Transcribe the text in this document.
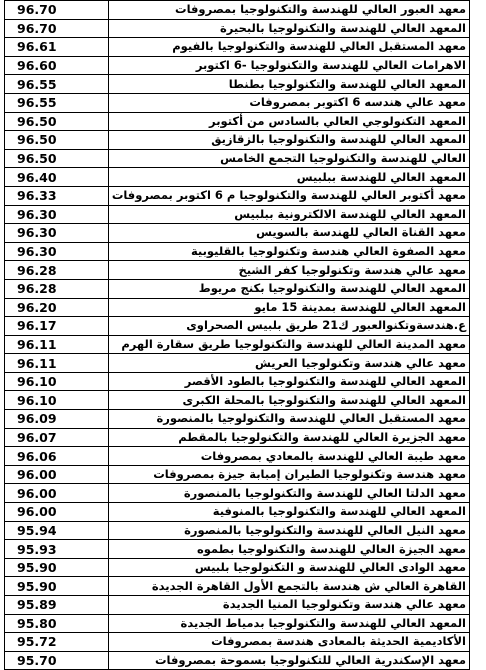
96.70	معهد العبور العالي للهندسة والتكنولوجيا بمصروفات
96.70	المعهد العالي للهندسة والتكنولوجيا بالبحيرة
96.61	معهد المستقبل العالي للهندسة والتكنولوجيا بالفيوم
96.60	الاهرامات العالي للهندسة والتكنولوجيا -6 اكتوبر
96.55	المعهد العالي للهندسة والتكنولوجيا بطنطا
96.55	معهد عالي هندسه 6 اكتوبر بمصروفات
96.50	المعهد التكنولوجي العالي بالسادس من أكتوبر
96.50	المعهد العالي للهندسة والتكنولوجيا بالزقازيق
96.50	العالي للهندسة والتكنولوجيا التجمع الخامس
96.40	المعهد العالي للهندسة ببلبيس
96.33	معهد أكتوبر العالي للهندسة والتكنولوجيا م 6 اكتوبر بمصروفات
96.30	المعهد العالي للهندسة الالكترونية ببلبيس
96.30	معهد القناة العالي للهندسة بالسويس
96.30	معهد الصفوة العالي هندسة وتكنولوجيا بالقليوبية
96.28	معهد عالي هندسة وتكنولوجيا كفر الشيخ
96.28	المعهد العالي للهندسة والتكنولوجيا بكنج مريوط
96.20	المعهد العالي للهندسة بمدينة 15 مايو
96.17	ع.هندسةوتكنوالعبور ك21 طريق بلبيس الصحراوى
96.11	معهد المدينة العالي للهندسة والتكنولوجيا طريق سقارة الهرم
96.11	معهد عالي هندسة وتكنولوجيا العريش
96.10	المعهد العالي للهندسة والتكنولوجيا بالطود الأقصر
96.10	المعهد العالي للهندسة والتكنولوجيا بالمحلة الكبرى
96.09	معهد المستقبل العالي للهندسة والتكنولوجيا بالمنصورة
96.07	معهد الجزيرة العالي للهندسة والتكنولوجيا بالمقطم
96.06	معهد طيبة العالي للهندسة بالمعادي بمصروفات
96.00	معهد هندسة وتكنولوجيا الطيران إمبابة جيزة بمصروفات
96.00	معهد الدلتا العالي للهندسة والتكنولوجيا بالمنصورة
96.00	المعهد العالي للهندسة والتكنولوجيا بالمنوفية
95.94	معهد النيل العالي للهندسة والتكنولوجيا بالمنصورة
95.93	معهد الجيزة العالي للهندسة والتكنولوجيا بطموه
95.90	معهد الوادى العالي للهندسة و التكنولوجيا بلبيس
95.90	القاهرة العالي ش هندسة بالتجمع الأول القاهرة الجديدة
95.89	معهد عالي هندسة وتكنولوجيا المنيا الجديدة
95.80	المعهد العالي للهندسة والتكنولوجيا بدمياط الجديدة
95.72	الأكاديمية الحديثة بالمعادى هندسة بمصروفات
95.70	معهد الإسكندرية العالي للتكنولوجيا بسموحة بمصروفات
